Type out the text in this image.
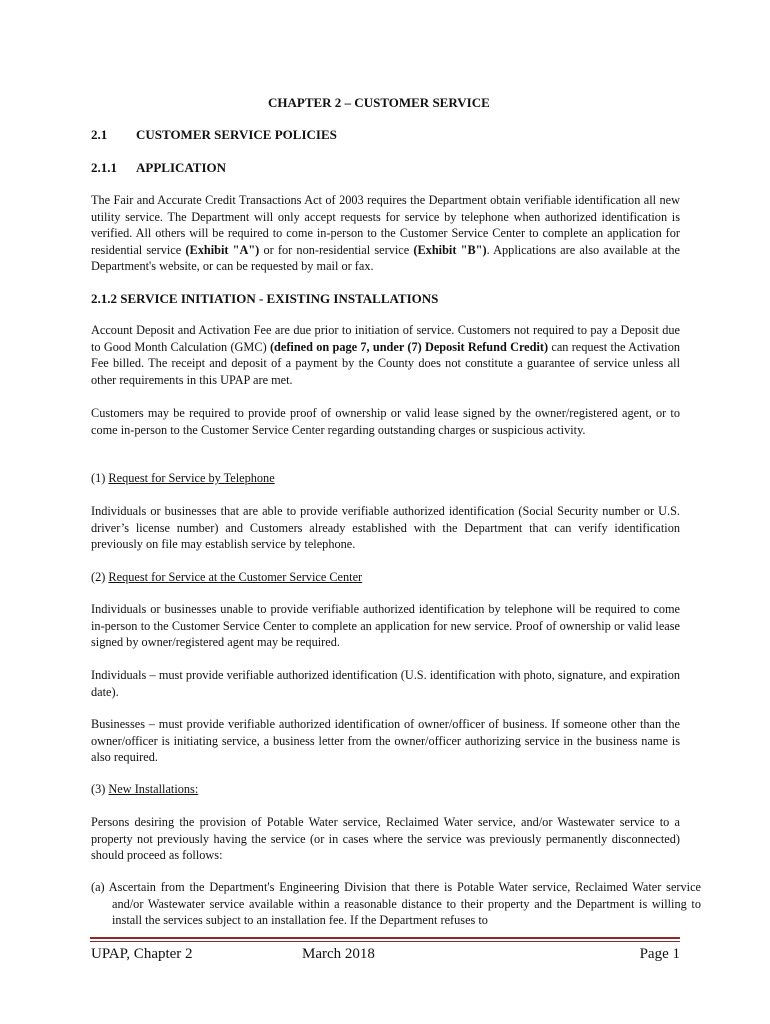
CHAPTER 2 – CUSTOMER SERVICE
2.1 CUSTOMER SERVICE POLICIES
2.1.1 APPLICATION

The Fair and Accurate Credit Transactions Act of 2003 requires the Department obtain verifiable identification all new utility service. The Department will only accept requests for service by telephone when authorized identification is verified. All others will be required to come in-person to the Customer Service Center to complete an application for residential service (Exhibit "A") or for non-residential service (Exhibit "B"). Applications are also available at the Department's website, or can be requested by mail or fax.

2.1.2 SERVICE INITIATION - EXISTING INSTALLATIONS

Account Deposit and Activation Fee are due prior to initiation of service. Customers not required to pay a Deposit due to Good Month Calculation (GMC) (defined on page 7, under (7) Deposit Refund Credit) can request the Activation Fee billed. The receipt and deposit of a payment by the County does not constitute a guarantee of service unless all other requirements in this UPAP are met.

Customers may be required to provide proof of ownership or valid lease signed by the owner/registered agent, or to come in-person to the Customer Service Center regarding outstanding charges or suspicious activity.

(1) Request for Service by Telephone

Individuals or businesses that are able to provide verifiable authorized identification (Social Security number or U.S. driver’s license number) and Customers already established with the Department that can verify identification previously on file may establish service by telephone.

(2) Request for Service at the Customer Service Center

Individuals or businesses unable to provide verifiable authorized identification by telephone will be required to come in-person to the Customer Service Center to complete an application for new service. Proof of ownership or valid lease signed by owner/registered agent may be required.

Individuals – must provide verifiable authorized identification (U.S. identification with photo, signature, and expiration date).

Businesses – must provide verifiable authorized identification of owner/officer of business. If someone other than the owner/officer is initiating service, a business letter from the owner/officer authorizing service in the business name is also required.

(3) New Installations:

Persons desiring the provision of Potable Water service, Reclaimed Water service, and/or Wastewater service to a property not previously having the service (or in cases where the service was previously permanently disconnected) should proceed as follows:

(a) Ascertain from the Department's Engineering Division that there is Potable Water service, Reclaimed Water service and/or Wastewater service available within a reasonable distance to their property and the Department is willing to install the services subject to an installation fee. If the Department refuses to

UPAP, Chapter 2	March 2018	Page 1
